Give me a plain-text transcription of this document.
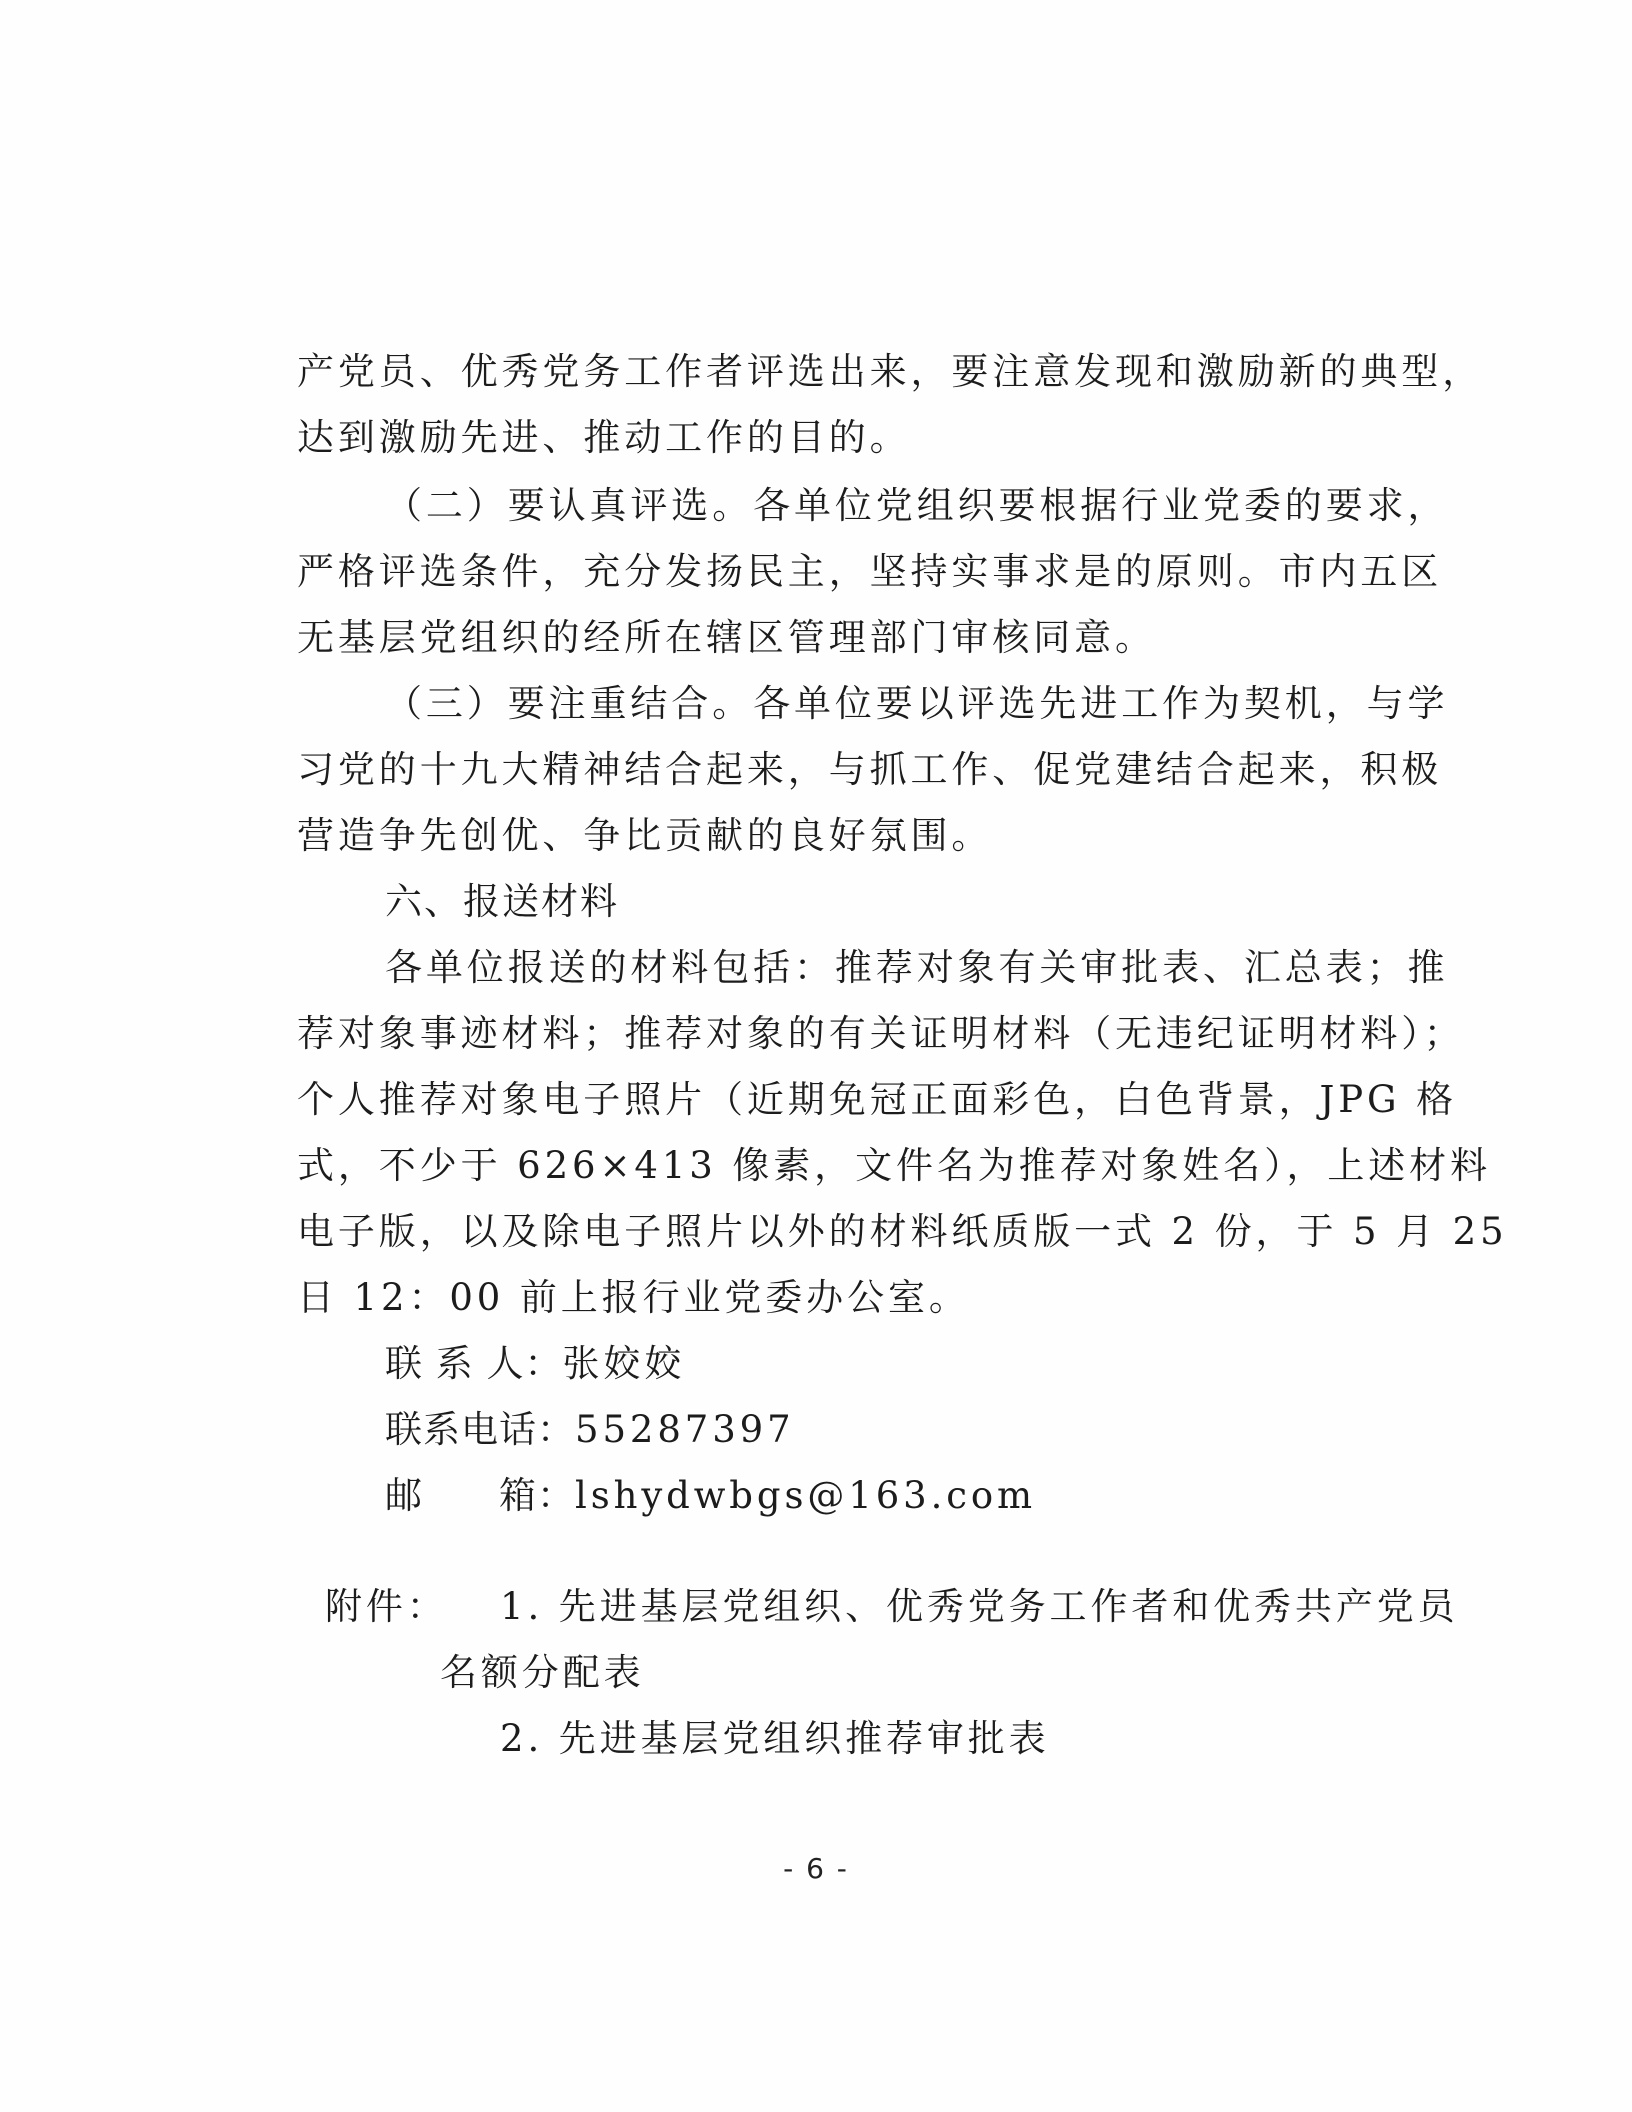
产党员、优秀党务工作者评选出来，要注意发现和激励新的典型，
达到激励先进、推动工作的目的。
（二）要认真评选。各单位党组织要根据行业党委的要求，
严格评选条件，充分发扬民主，坚持实事求是的原则。市内五区
无基层党组织的经所在辖区管理部门审核同意。
（三）要注重结合。各单位要以评选先进工作为契机，与学
习党的十九大精神结合起来，与抓工作、促党建结合起来，积极
营造争先创优、争比贡献的良好氛围。
六、报送材料
各单位报送的材料包括：推荐对象有关审批表、汇总表；推
荐对象事迹材料；推荐对象的有关证明材料（无违纪证明材料）；
个人推荐对象电子照片（近期免冠正面彩色，白色背景，JPG 格
式，不少于 626×413 像素，文件名为推荐对象姓名），上述材料
电子版，以及除电子照片以外的材料纸质版一式 2 份，于 5 月 25
日 12：00 前上报行业党委办公室。
联 系 人：张姣姣
联系电话：55287397
邮　　箱：lshydwbgs@163.com
附件： 1. 先进基层党组织、优秀党务工作者和优秀共产党员
名额分配表
2. 先进基层党组织推荐审批表
- 6 -
